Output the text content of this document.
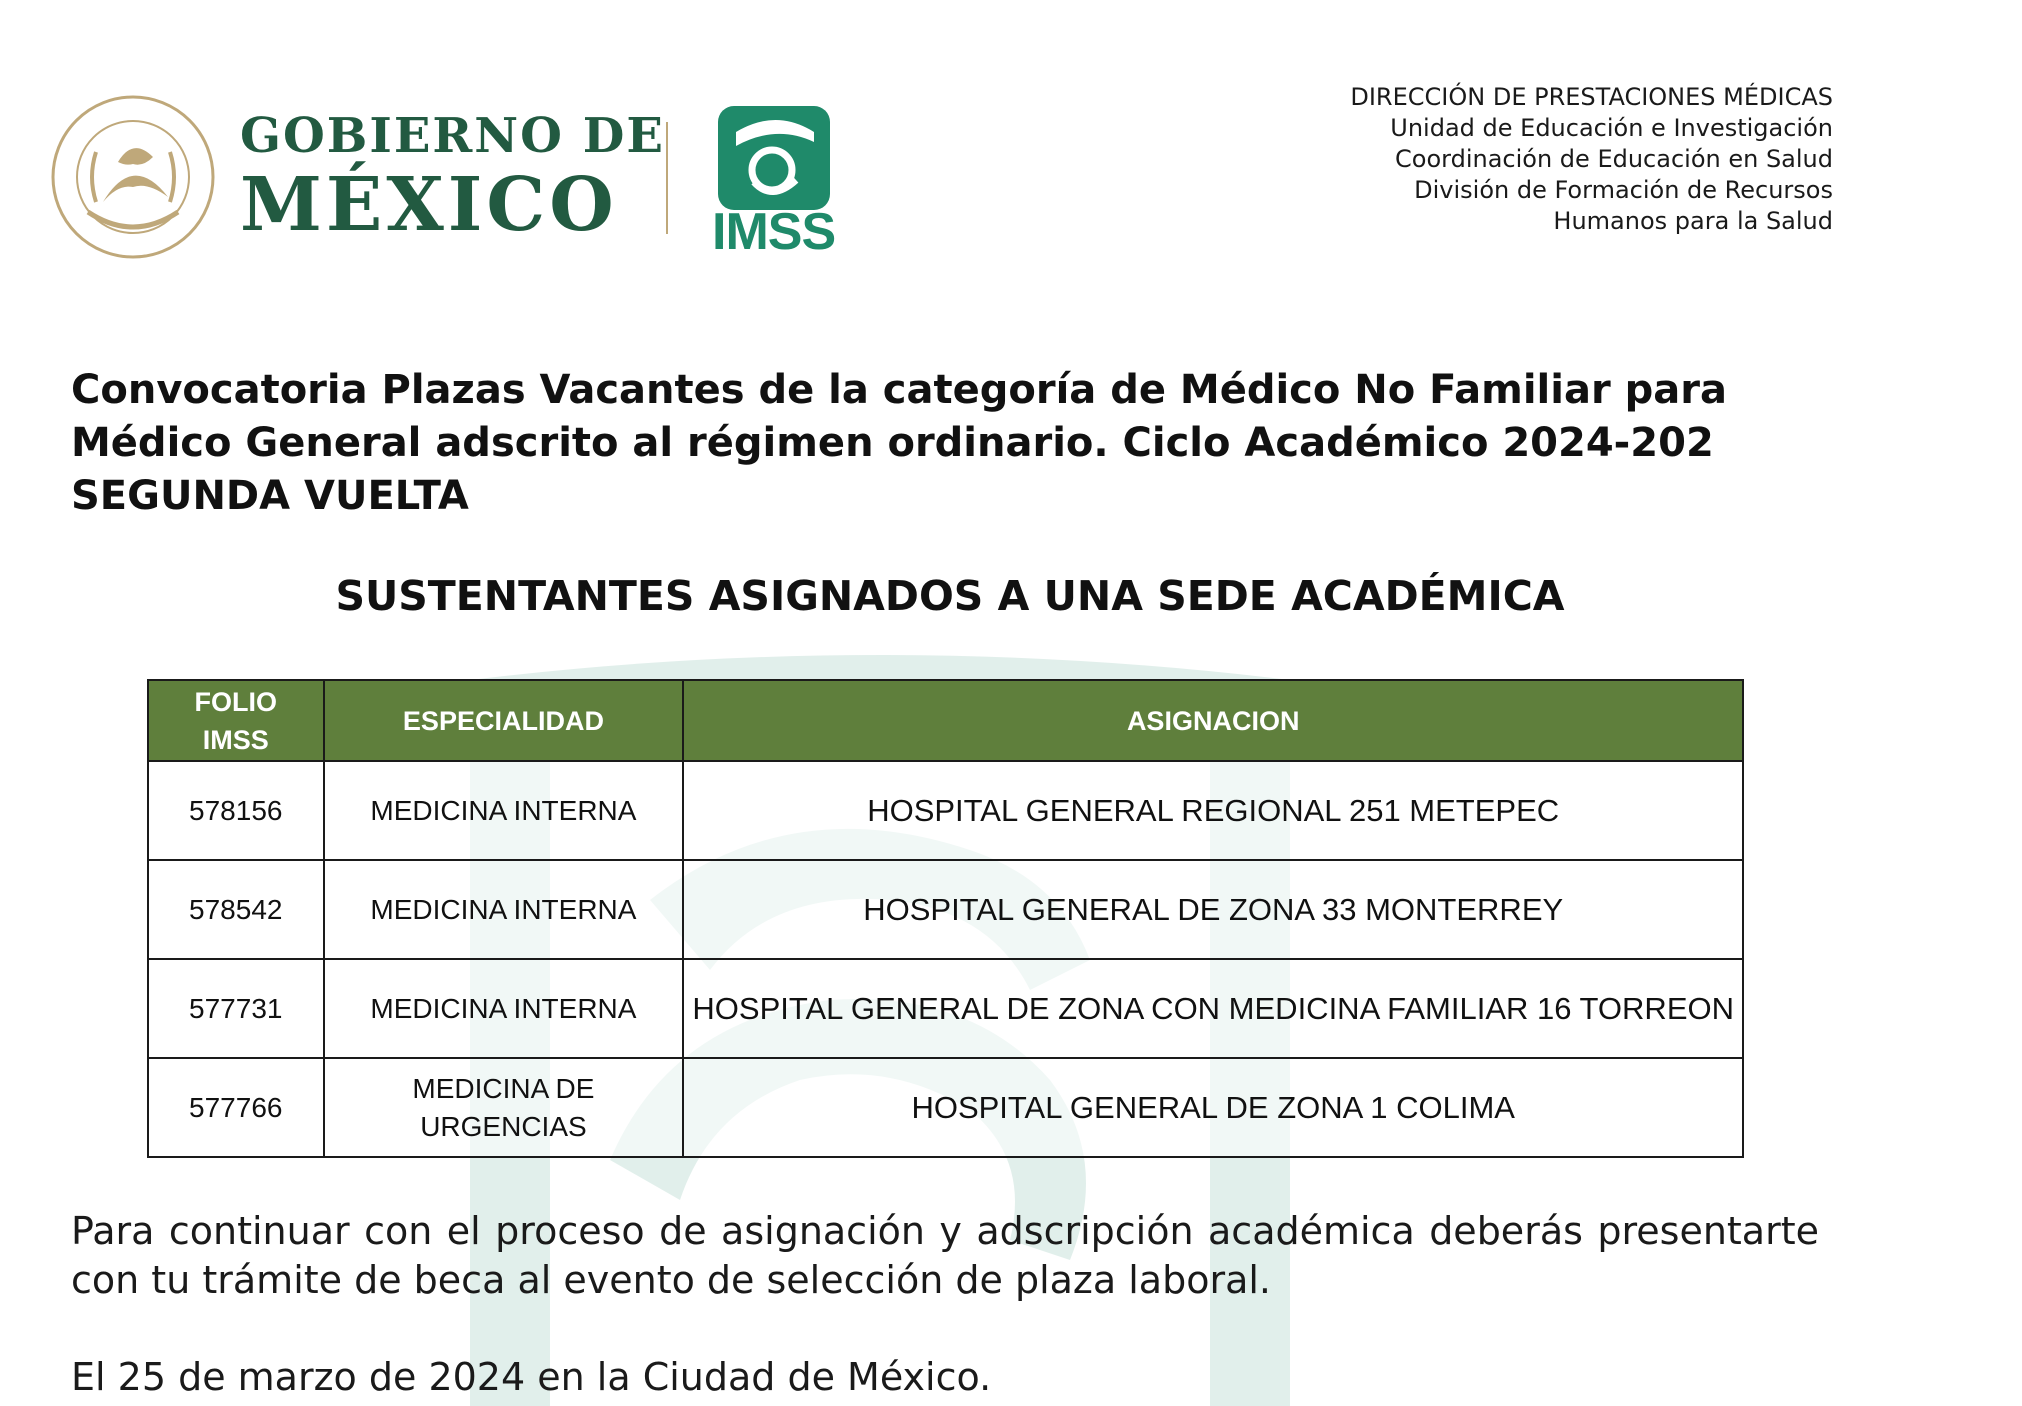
GOBIERNO DE
MÉXICO	IMSS
DIRECCIÓN DE PRESTACIONES MÉDICAS
Unidad de Educación e Investigación
Coordinación de Educación en Salud
División de Formación de Recursos
Humanos para la Salud
Convocatoria Plazas Vacantes de la categoría de Médico No Familiar para
Médico General adscrito al régimen ordinario. Ciclo Académico 2024-202
SEGUNDA VUELTA
SUSTENTANTES ASIGNADOS A UNA SEDE ACADÉMICA
FOLIO
IMSS	ESPECIALIDAD	ASIGNACION
578156	MEDICINA INTERNA	HOSPITAL GENERAL REGIONAL 251 METEPEC
578542	MEDICINA INTERNA	HOSPITAL GENERAL DE ZONA 33 MONTERREY
577731	MEDICINA INTERNA	HOSPITAL GENERAL DE ZONA CON MEDICINA FAMILIAR 16 TORREON
577766	MEDICINA DE
URGENCIAS	HOSPITAL GENERAL DE ZONA 1 COLIMA
Para continuar con el proceso de asignación y adscripción académica deberás presentarte con tu trámite de beca al evento de selección de plaza laboral.
El 25 de marzo de 2024 en la Ciudad de México.
